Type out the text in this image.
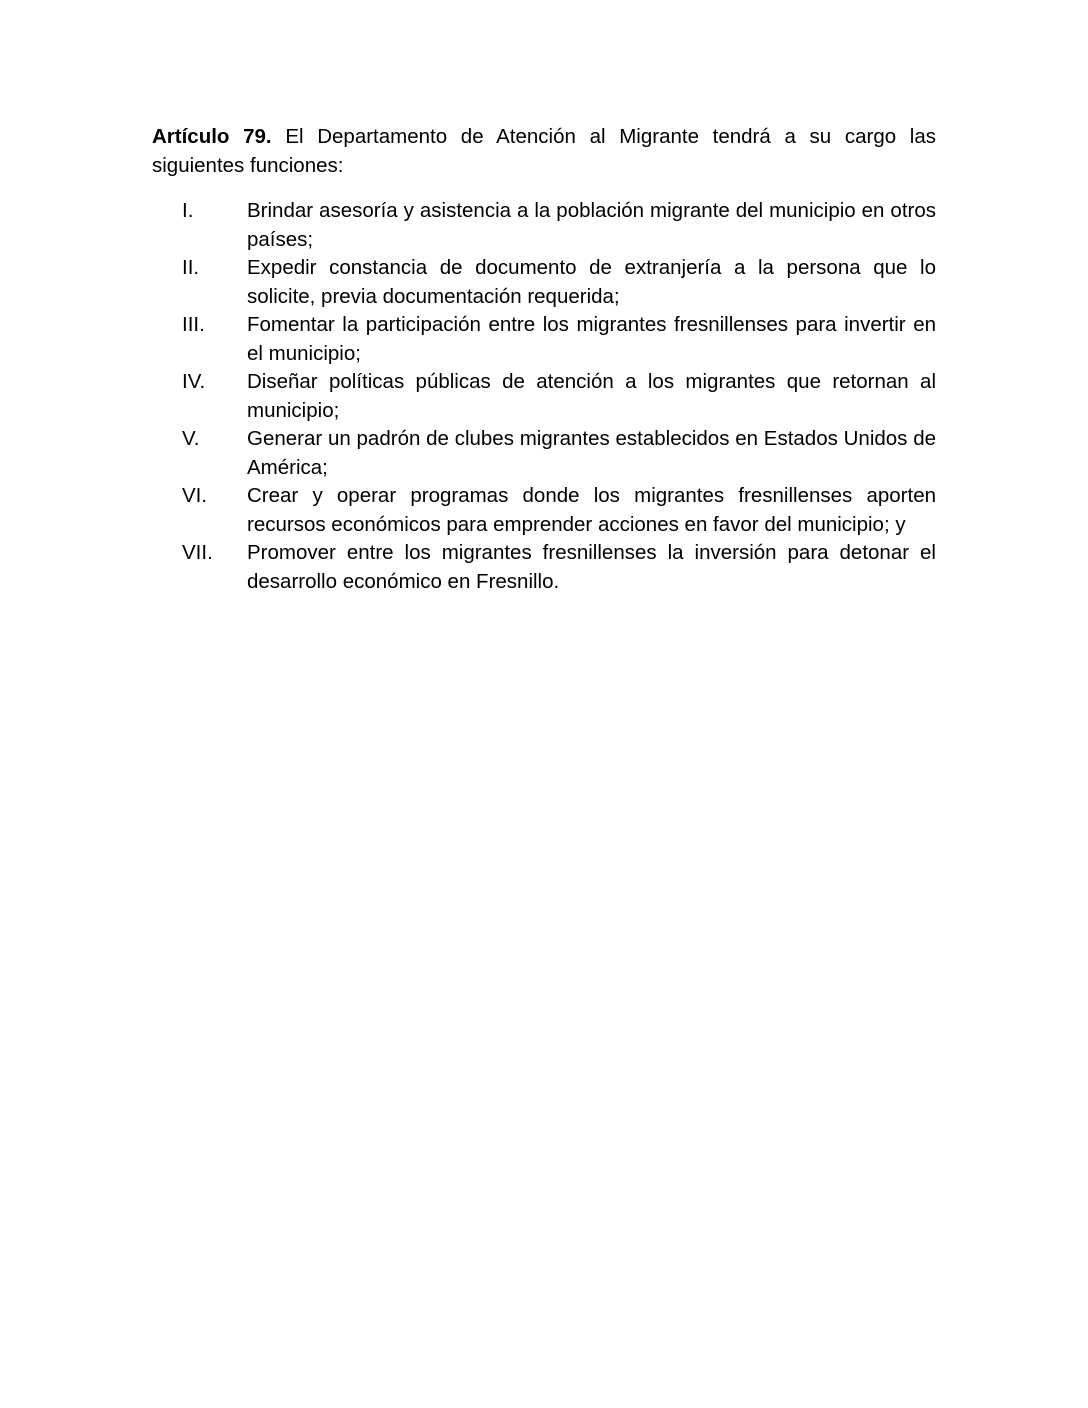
Artículo 79. El Departamento de Atención al Migrante tendrá a su cargo las siguientes funciones:

I.	Brindar asesoría y asistencia a la población migrante del municipio en otros países;
II. Expedir constancia de documento de extranjería a la persona que lo solicite, previa documentación requerida;
III. Fomentar la participación entre los migrantes fresnillenses para invertir en el municipio;
IV. Diseñar políticas públicas de atención a los migrantes que retornan al municipio;
V. Generar un padrón de clubes migrantes establecidos en Estados Unidos de América;
VI. Crear y operar programas donde los migrantes fresnillenses aporten recursos económicos para emprender acciones en favor del municipio; y
VII. Promover entre los migrantes fresnillenses la inversión para detonar el desarrollo económico en Fresnillo.
